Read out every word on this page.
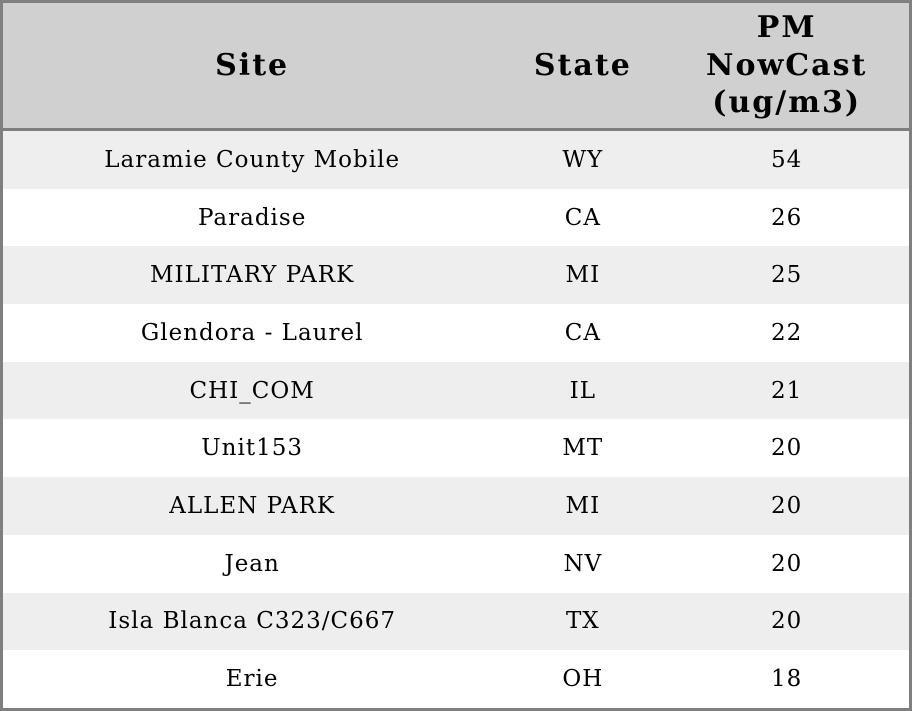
Site	State	PM
NowCast
(ug/m3)

Laramie County Mobile	WY	54
Paradise	CA	26
MILITARY PARK	MI	25
Glendora - Laurel	CA	22
CHI_COM	IL	21
Unit153	MT	20
ALLEN PARK	MI	20
Jean	NV	20
Isla Blanca C323/C667	TX	20
Erie	OH	18
